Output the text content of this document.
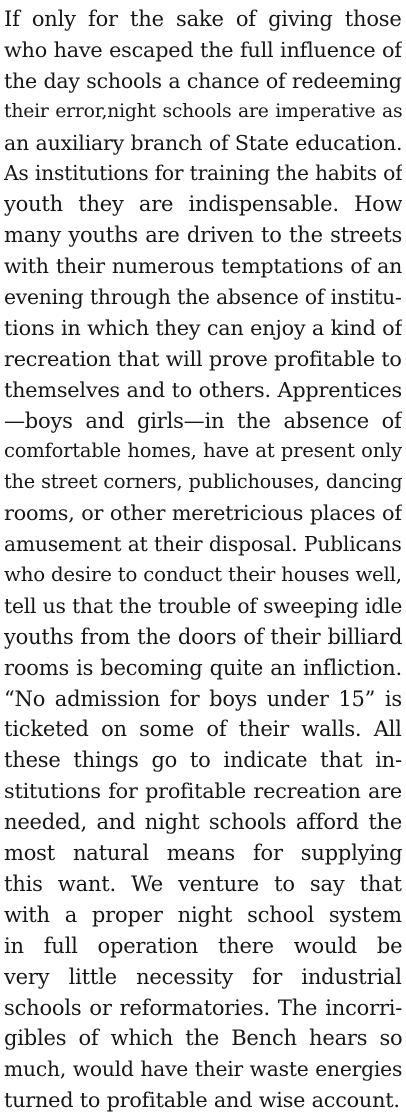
If only for the sake of giving those
who have escaped the full influence of
the day schools a chance of redeeming
their error,night schools are imperative as
an auxiliary branch of State education.
As institutions for training the habits of
youth they are indispensable. How
many youths are driven to the streets
with their numerous temptations of an
evening through the absence of institu-
tions in which they can enjoy a kind of
recreation that will prove profitable to
themselves and to others. Apprentices
—boys and girls—in the absence of
comfortable homes, have at present only
the street corners, publichouses, dancing
rooms, or other meretricious places of
amusement at their disposal. Publicans
who desire to conduct their houses well,
tell us that the trouble of sweeping idle
youths from the doors of their billiard
rooms is becoming quite an infliction.
“No admission for boys under 15” is
ticketed on some of their walls. All
these things go to indicate that in-
stitutions for profitable recreation are
needed, and night schools afford the
most natural means for supplying
this want. We venture to say that
with a proper night school system
in full operation there would be
very little necessity for industrial
schools or reformatories. The incorri-
gibles of which the Bench hears so
much, would have their waste energies
turned to profitable and wise account.
